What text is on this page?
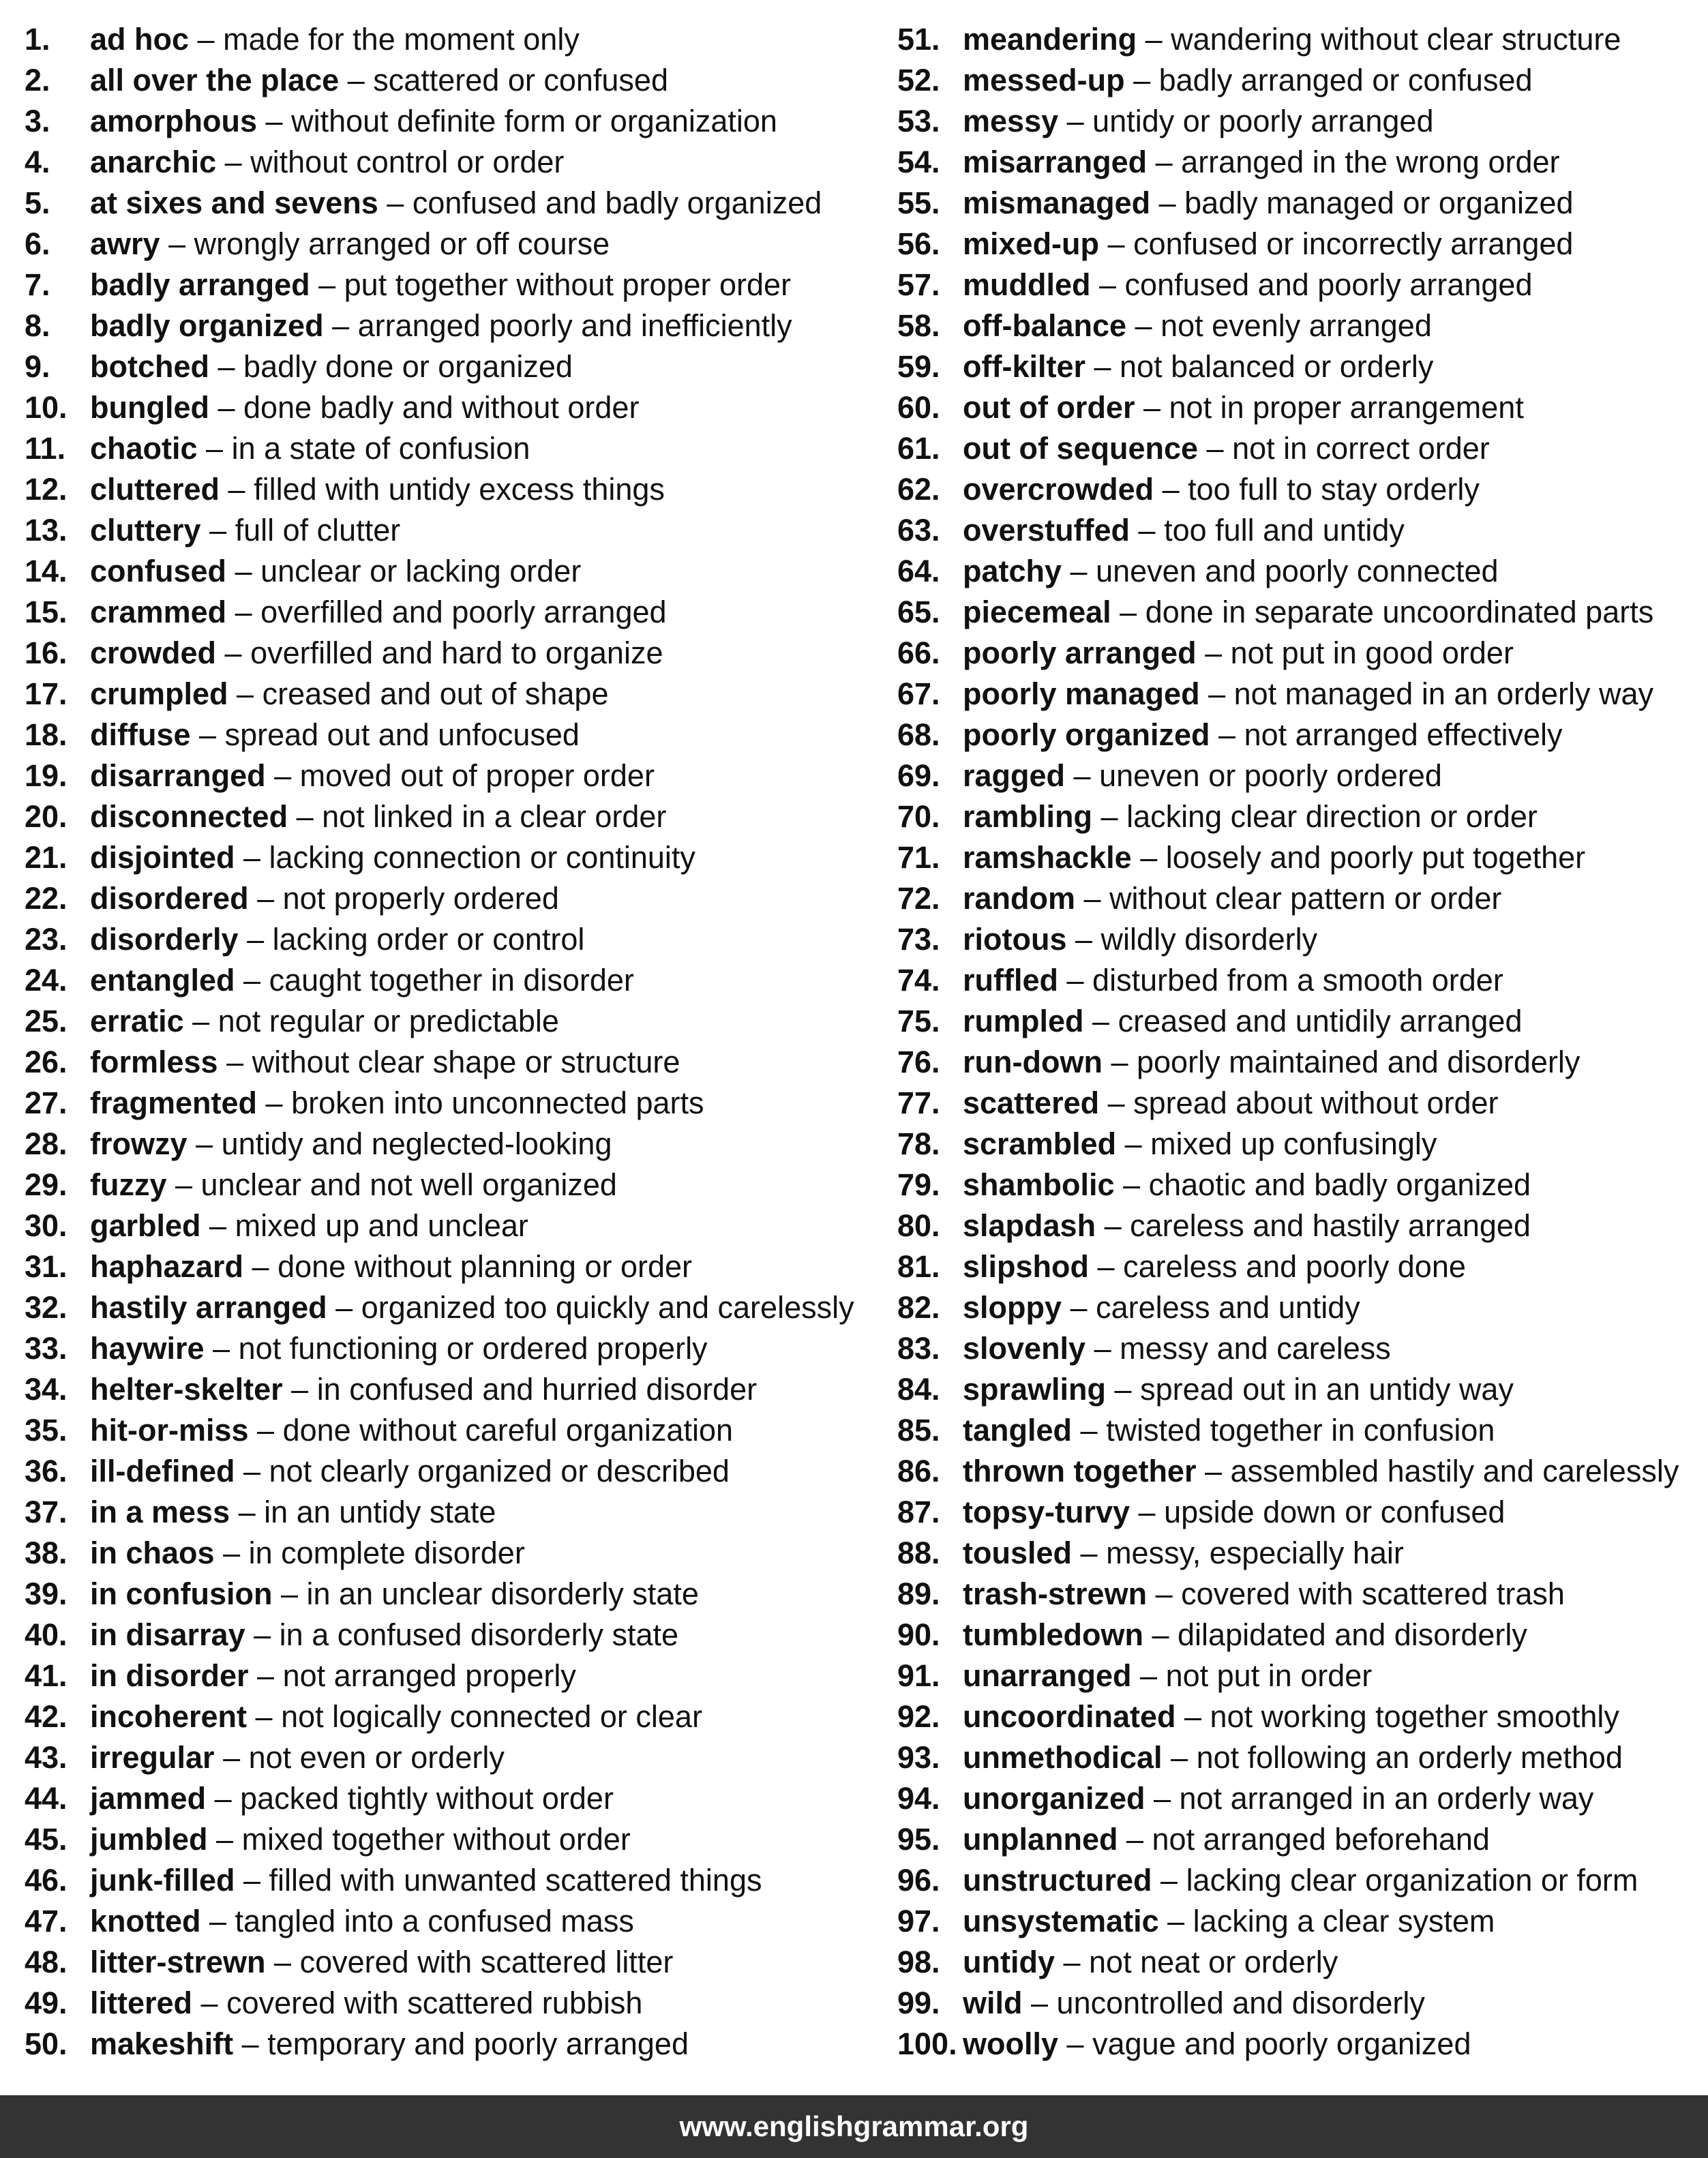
1. ad hoc – made for the moment only
2. all over the place – scattered or confused
3. amorphous – without definite form or organization
4. anarchic – without control or order
5. at sixes and sevens – confused and badly organized
6. awry – wrongly arranged or off course
7. badly arranged – put together without proper order
8. badly organized – arranged poorly and inefficiently
9. botched – badly done or organized
10. bungled – done badly and without order
11. chaotic – in a state of confusion
12. cluttered – filled with untidy excess things
13. cluttery – full of clutter
14. confused – unclear or lacking order
15. crammed – overfilled and poorly arranged
16. crowded – overfilled and hard to organize
17. crumpled – creased and out of shape
18. diffuse – spread out and unfocused
19. disarranged – moved out of proper order
20. disconnected – not linked in a clear order
21. disjointed – lacking connection or continuity
22. disordered – not properly ordered
23. disorderly – lacking order or control
24. entangled – caught together in disorder
25. erratic – not regular or predictable
26. formless – without clear shape or structure
27. fragmented – broken into unconnected parts
28. frowzy – untidy and neglected-looking
29. fuzzy – unclear and not well organized
30. garbled – mixed up and unclear
31. haphazard – done without planning or order
32. hastily arranged – organized too quickly and carelessly
33. haywire – not functioning or ordered properly
34. helter-skelter – in confused and hurried disorder
35. hit-or-miss – done without careful organization
36. ill-defined – not clearly organized or described
37. in a mess – in an untidy state
38. in chaos – in complete disorder
39. in confusion – in an unclear disorderly state
40. in disarray – in a confused disorderly state
41. in disorder – not arranged properly
42. incoherent – not logically connected or clear
43. irregular – not even or orderly
44. jammed – packed tightly without order
45. jumbled – mixed together without order
46. junk-filled – filled with unwanted scattered things
47. knotted – tangled into a confused mass
48. litter-strewn – covered with scattered litter
49. littered – covered with scattered rubbish
50. makeshift – temporary and poorly arranged
51. meandering – wandering without clear structure
52. messed-up – badly arranged or confused
53. messy – untidy or poorly arranged
54. misarranged – arranged in the wrong order
55. mismanaged – badly managed or organized
56. mixed-up – confused or incorrectly arranged
57. muddled – confused and poorly arranged
58. off-balance – not evenly arranged
59. off-kilter – not balanced or orderly
60. out of order – not in proper arrangement
61. out of sequence – not in correct order
62. overcrowded – too full to stay orderly
63. overstuffed – too full and untidy
64. patchy – uneven and poorly connected
65. piecemeal – done in separate uncoordinated parts
66. poorly arranged – not put in good order
67. poorly managed – not managed in an orderly way
68. poorly organized – not arranged effectively
69. ragged – uneven or poorly ordered
70. rambling – lacking clear direction or order
71. ramshackle – loosely and poorly put together
72. random – without clear pattern or order
73. riotous – wildly disorderly
74. ruffled – disturbed from a smooth order
75. rumpled – creased and untidily arranged
76. run-down – poorly maintained and disorderly
77. scattered – spread about without order
78. scrambled – mixed up confusingly
79. shambolic – chaotic and badly organized
80. slapdash – careless and hastily arranged
81. slipshod – careless and poorly done
82. sloppy – careless and untidy
83. slovenly – messy and careless
84. sprawling – spread out in an untidy way
85. tangled – twisted together in confusion
86. thrown together – assembled hastily and carelessly
87. topsy-turvy – upside down or confused
88. tousled – messy, especially hair
89. trash-strewn – covered with scattered trash
90. tumbledown – dilapidated and disorderly
91. unarranged – not put in order
92. uncoordinated – not working together smoothly
93. unmethodical – not following an orderly method
94. unorganized – not arranged in an orderly way
95. unplanned – not arranged beforehand
96. unstructured – lacking clear organization or form
97. unsystematic – lacking a clear system
98. untidy – not neat or orderly
99. wild – uncontrolled and disorderly
100. woolly – vague and poorly organized
www.englishgrammar.org
